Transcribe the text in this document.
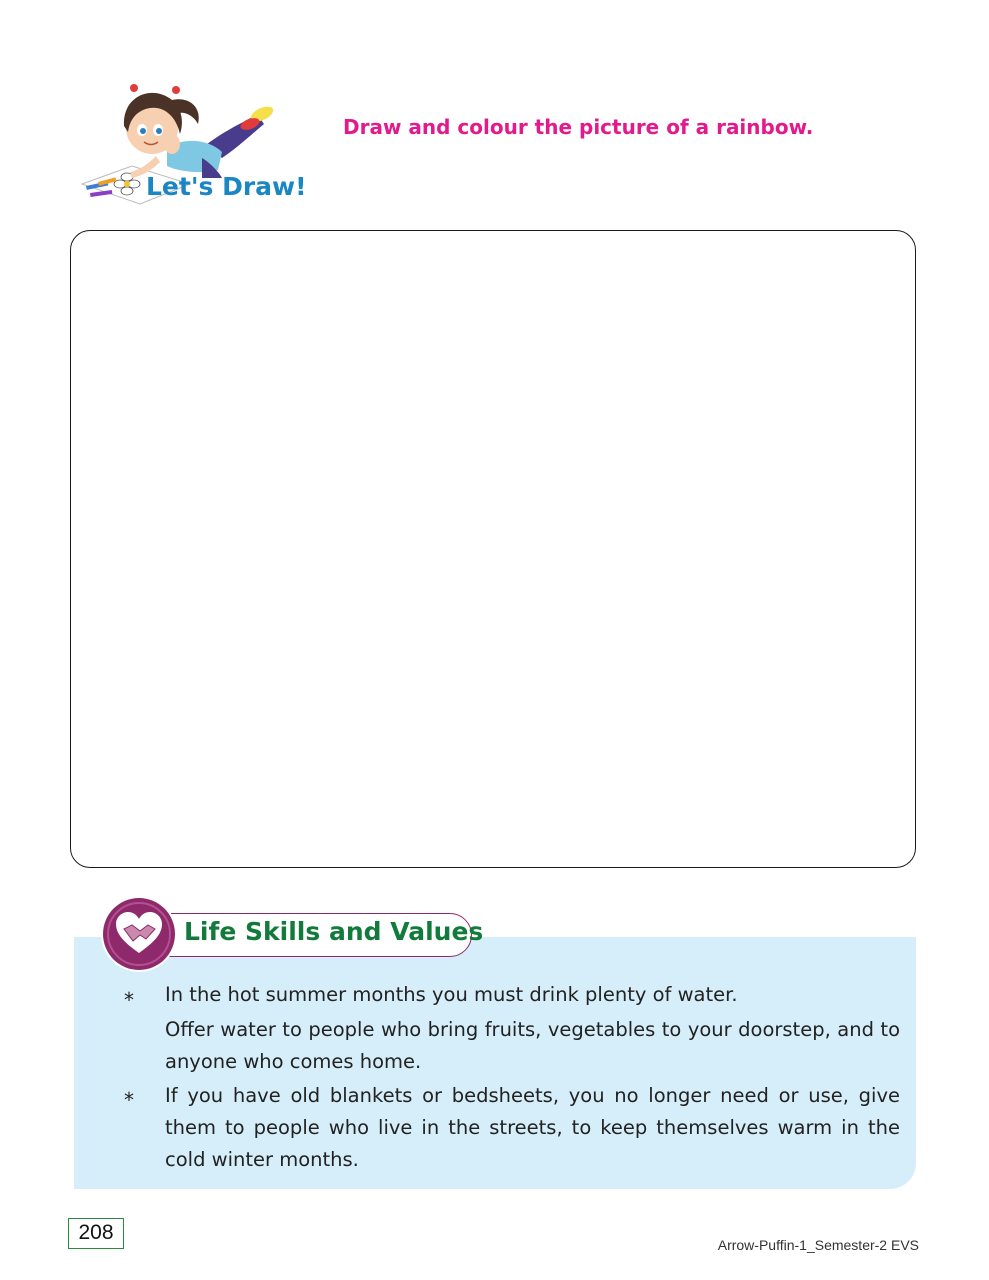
Let's Draw!
Draw and colour the picture of a rainbow.
Life Skills and Values
* In the hot summer months you must drink plenty of water.
Offer water to people who bring fruits, vegetables to your doorstep, and to anyone who comes home.
* If you have old blankets or bedsheets, you no longer need or use, give them to people who live in the streets, to keep themselves warm in the cold winter months.
208
Arrow-Puffin-1_Semester-2 EVS
